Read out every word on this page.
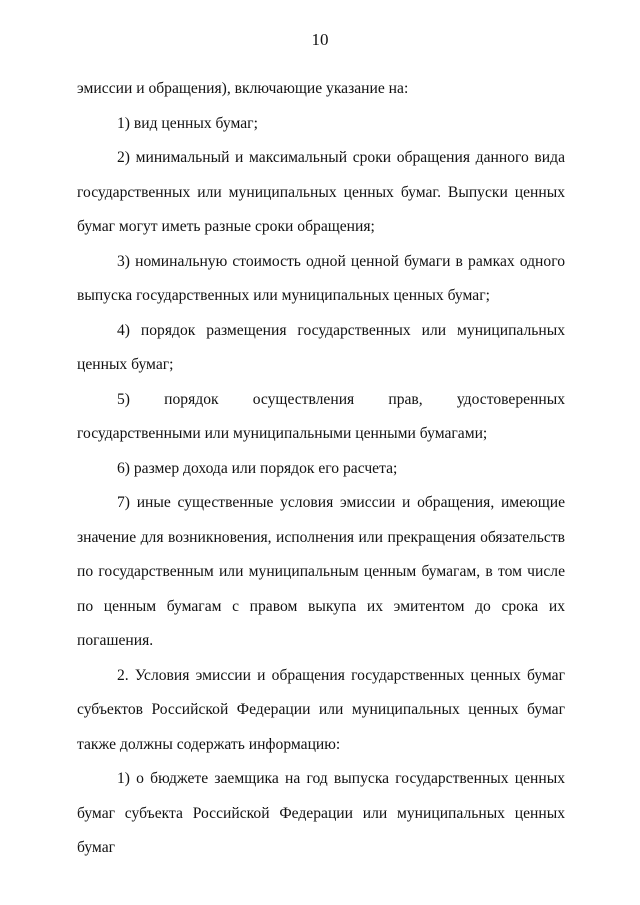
10

эмиссии и обращения), включающие указание на:

1) вид ценных бумаг;

2) минимальный и максимальный сроки обращения данного вида государственных или муниципальных ценных бумаг. Выпуски ценных бумаг могут иметь разные сроки обращения;

3) номинальную стоимость одной ценной бумаги в рамках одного выпуска государственных или муниципальных ценных бумаг;

4) порядок размещения государственных или муниципальных ценных бумаг;

5) порядок осуществления прав, удостоверенных государственными или муниципальными ценными бумагами;

6) размер дохода или порядок его расчета;

7) иные существенные условия эмиссии и обращения, имеющие значение для возникновения, исполнения или прекращения обязательств по государственным или муниципальным ценным бумагам, в том числе по ценным бумагам с правом выкупа их эмитентом до срока их погашения.

2. Условия эмиссии и обращения государственных ценных бумаг субъектов Российской Федерации или муниципальных ценных бумаг также должны содержать информацию:

1) о бюджете заемщика на год выпуска государственных ценных бумаг субъекта Российской Федерации или муниципальных ценных бумаг
